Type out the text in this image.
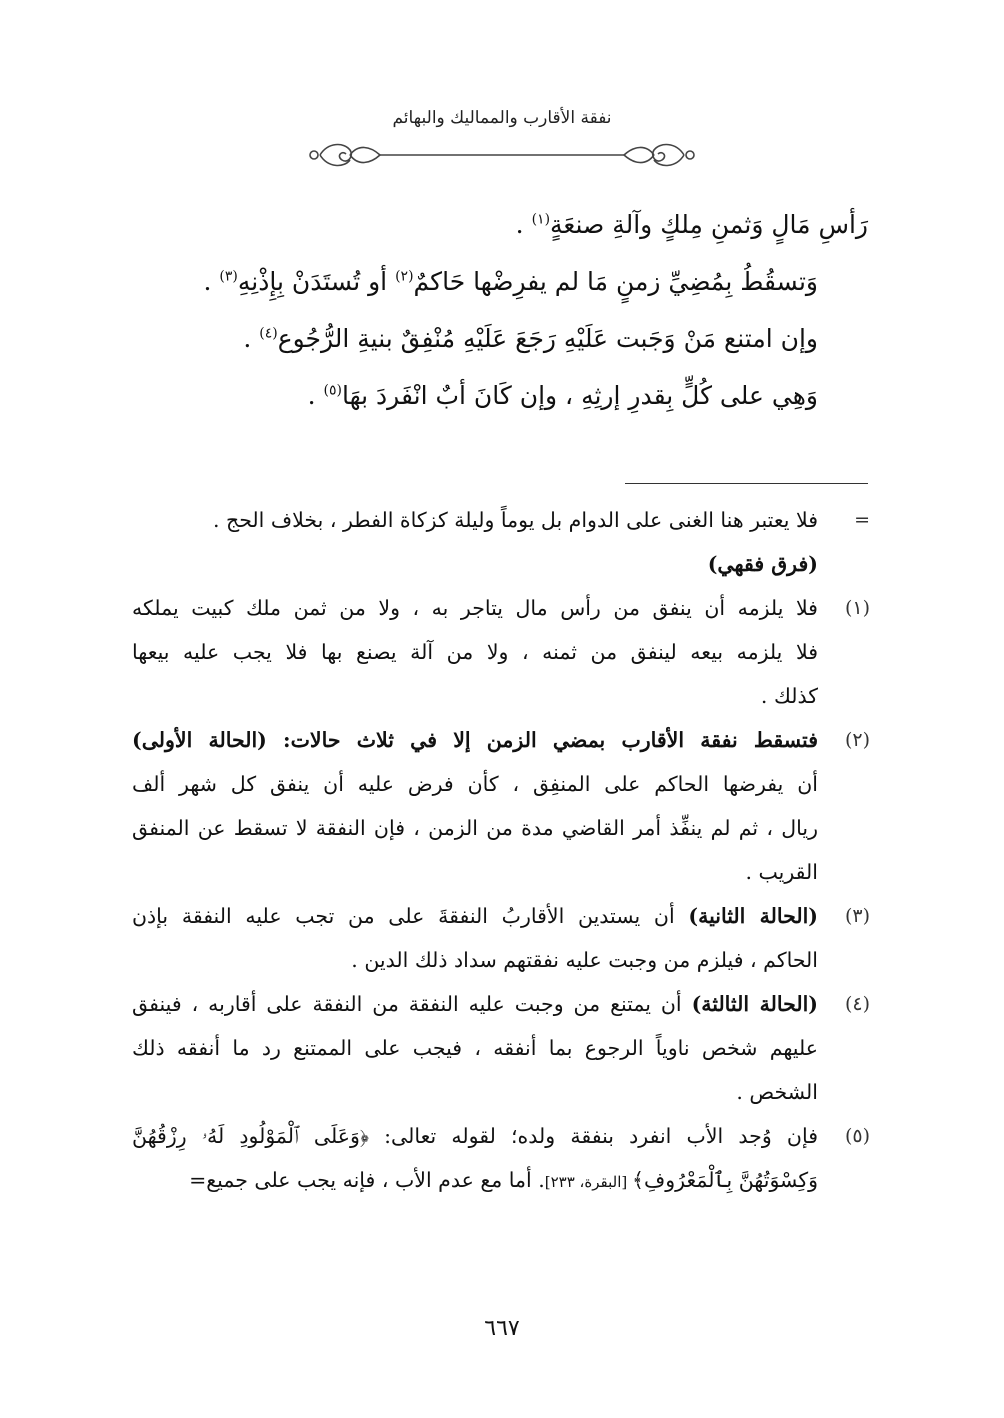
نفقة الأقارب والمماليك والبهائم

رَأسِ مَالٍ وَثمنِ مِلكٍ وآلةِ صنعَةٍ$^{(١)}$ .

وَتسقُطُ بِمُضِيِّ زمنٍ مَا لم يفرِضْها حَاكمٌ$^{(٢)}$ أو تُستَدَنْ بِإِذْنِهِ$^{(٣)}$ .

وإن امتنع مَنْ وَجَبت عَلَيْهِ رَجَعَ عَلَيْهِ مُنْفِقٌ بنيةِ الرُّجُوع$^{(٤)}$ .

وَهِي على كُلٍّ بِقدرِ إرثِهِ ، وإن كَانَ أبٌ انْفَردَ بهَا$^{(٥)}$ .

=
فلا يعتبر هنا الغنى على الدوام بل يوماً وليلة كزكاة الفطر ، بخلاف الحج .
(فرق فقهي)
(١)
فلا يلزمه أن ينفق من رأس مال يتاجر به ، ولا من ثمن ملك كبيت يملكه
فلا يلزمه بيعه لينفق من ثمنه ، ولا من آلة يصنع بها فلا يجب عليه بيعها
كذلك .
(٢)
فتسقط نفقة الأقارب بمضي الزمن إلا في ثلاث حالات: (الحالة الأولى)
أن يفرضها الحاكم على المنفِق ، كأن فرض عليه أن ينفق كل شهر ألف
ريال ، ثم لم ينفِّذ أمر القاضي مدة من الزمن ، فإن النفقة لا تسقط عن المنفق
القريب .
(٣)
(الحالة الثانية) أن يستدين الأقاربُ النفقةَ على من تجب عليه النفقة بإذن
الحاكم ، فيلزم من وجبت عليه نفقتهم سداد ذلك الدين .
(٤)
(الحالة الثالثة) أن يمتنع من وجبت عليه النفقة من النفقة على أقاربه ، فينفق
عليهم شخص ناوياً الرجوع بما أنفقه ، فيجب على الممتنع رد ما أنفقه ذلك
الشخص .
(٥)
فإن وُجد الأب انفرد بنفقة ولده؛ لقوله تعالى: ﴿وَعَلَى ٱلْمَوْلُودِ لَهُۥ رِزْقُهُنَّ
وَكِسْوَتُهُنَّ بِٱلْمَعْرُوفِ﴾ [البقرة، ٢٣٣]. أما مع عدم الأب ، فإنه يجب على جميع=
٦٦٧
